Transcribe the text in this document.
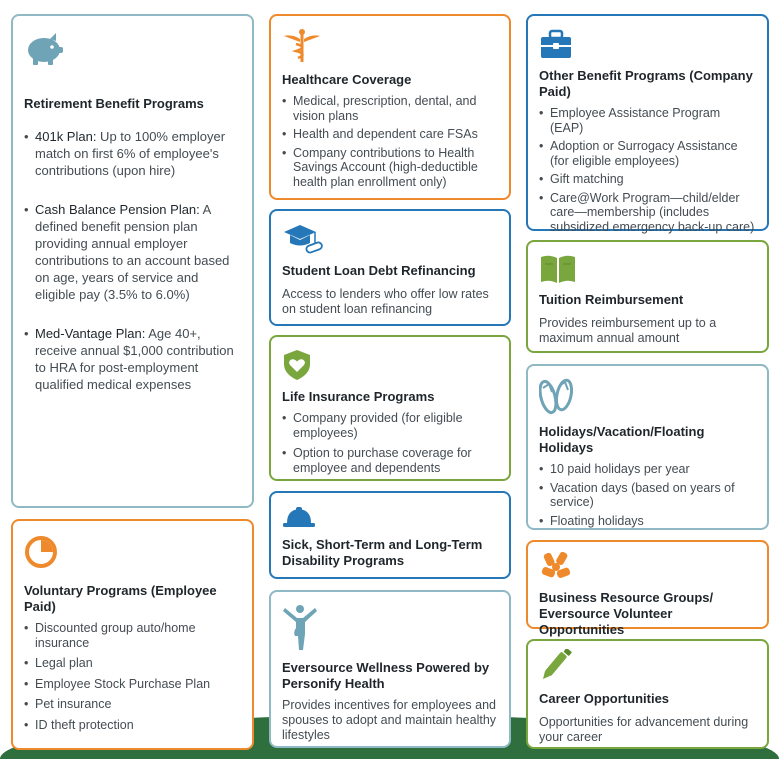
Retirement Benefit Programs
• 401k Plan: Up to 100% employer match on first 6% of employee's contributions (upon hire)
• Cash Balance Pension Plan: A defined benefit pension plan providing annual employer contributions to an account based on age, years of service and eligible pay (3.5% to 6.0%)
• Med-Vantage Plan: Age 40+, receive annual $1,000 contribution to HRA for post-employment qualified medical expenses
Voluntary Programs (Employee Paid)
• Discounted group auto/home insurance
• Legal plan
• Employee Stock Purchase Plan
• Pet insurance
• ID theft protection
Healthcare Coverage
• Medical, prescription, dental, and vision plans
• Health and dependent care FSAs
• Company contributions to Health Savings Account (high-deductible health plan enrollment only)
Student Loan Debt Refinancing

Access to lenders who offer low rates on student loan refinancing

Life Insurance Programs
• Company provided (for eligible employees)
• Option to purchase coverage for employee and dependents
Sick, Short-Term and Long-Term Disability Programs
Eversource Wellness Powered by Personify Health

Provides incentives for employees and spouses to adopt and maintain healthy lifestyles

Other Benefit Programs (Company Paid)
• Employee Assistance Program (EAP)
• Adoption or Surrogacy Assistance (for eligible employees)
• Gift matching
• Care@Work Program—child/elder care—membership (includes subsidized emergency back-up care)
Tuition Reimbursement

Provides reimbursement up to a maximum annual amount

Holidays/Vacation/Floating Holidays
• 10 paid holidays per year
• Vacation days (based on years of service)
• Floating holidays
Business Resource Groups/ Eversource Volunteer Opportunities
Career Opportunities

Opportunities for advancement during your career
